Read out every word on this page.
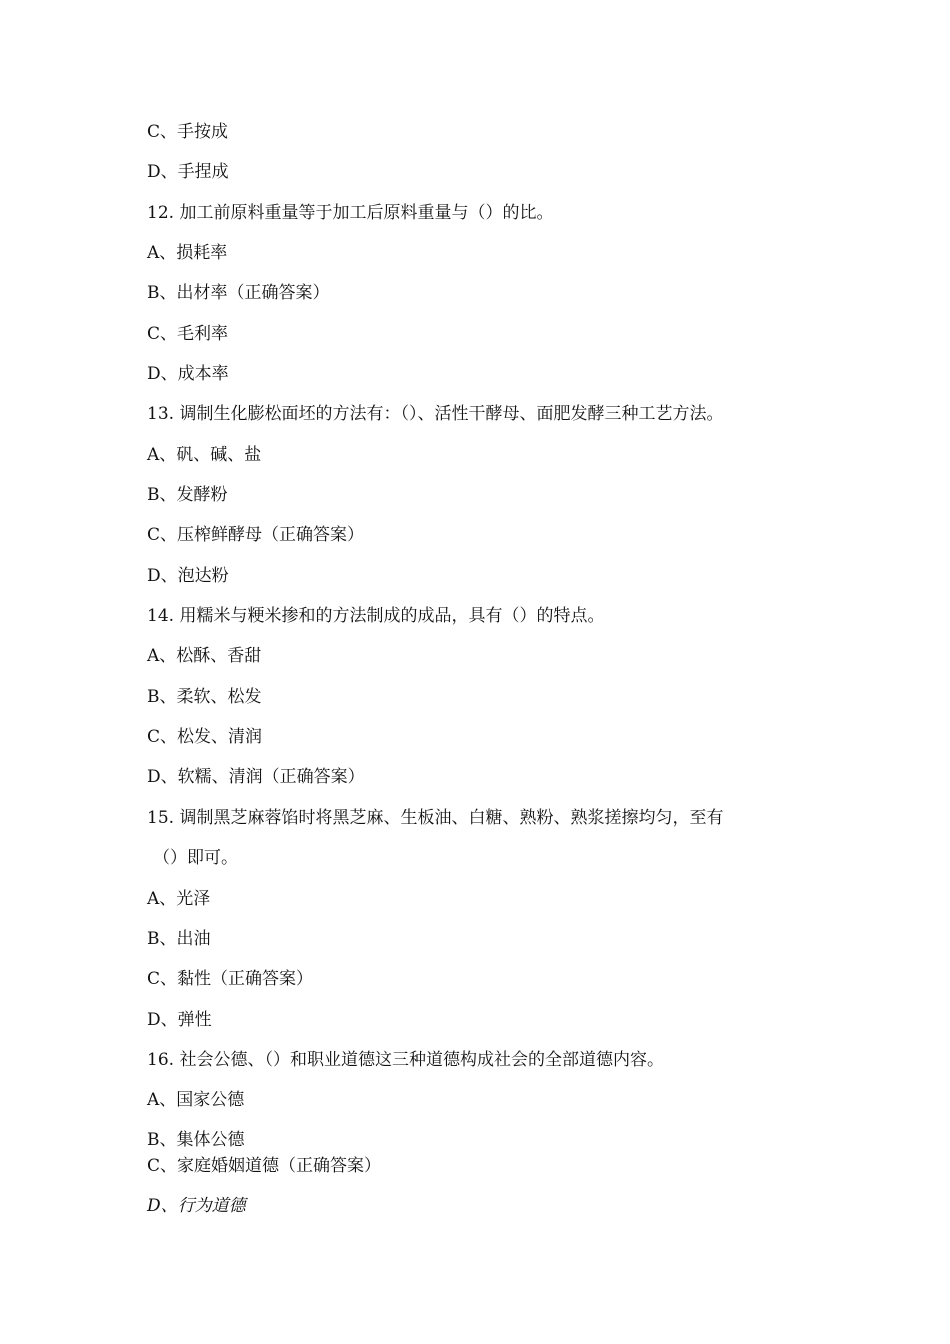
C、手按成
D、手捏成
12. 加工前原料重量等于加工后原料重量与（）的比。
A、损耗率
B、出材率（正确答案）
C、毛利率
D、成本率
13. 调制生化膨松面坯的方法有：（）、活性干酵母、面肥发酵三种工艺方法。
A、矾、碱、盐
B、发酵粉
C、压榨鲜酵母（正确答案）
D、泡达粉
14. 用糯米与粳米掺和的方法制成的成品，具有（）的特点。
A、松酥、香甜
B、柔软、松发
C、松发、清润
D、软糯、清润（正确答案）
15. 调制黑芝麻蓉馅时将黑芝麻、生板油、白糖、熟粉、熟浆搓擦均匀，至有
（）即可。
A、光泽
B、出油
C、黏性（正确答案）
D、弹性
16. 社会公德、（）和职业道德这三种道德构成社会的全部道德内容。
A、国家公德
B、集体公德
C、家庭婚姻道德（正确答案）
D、行为道德
